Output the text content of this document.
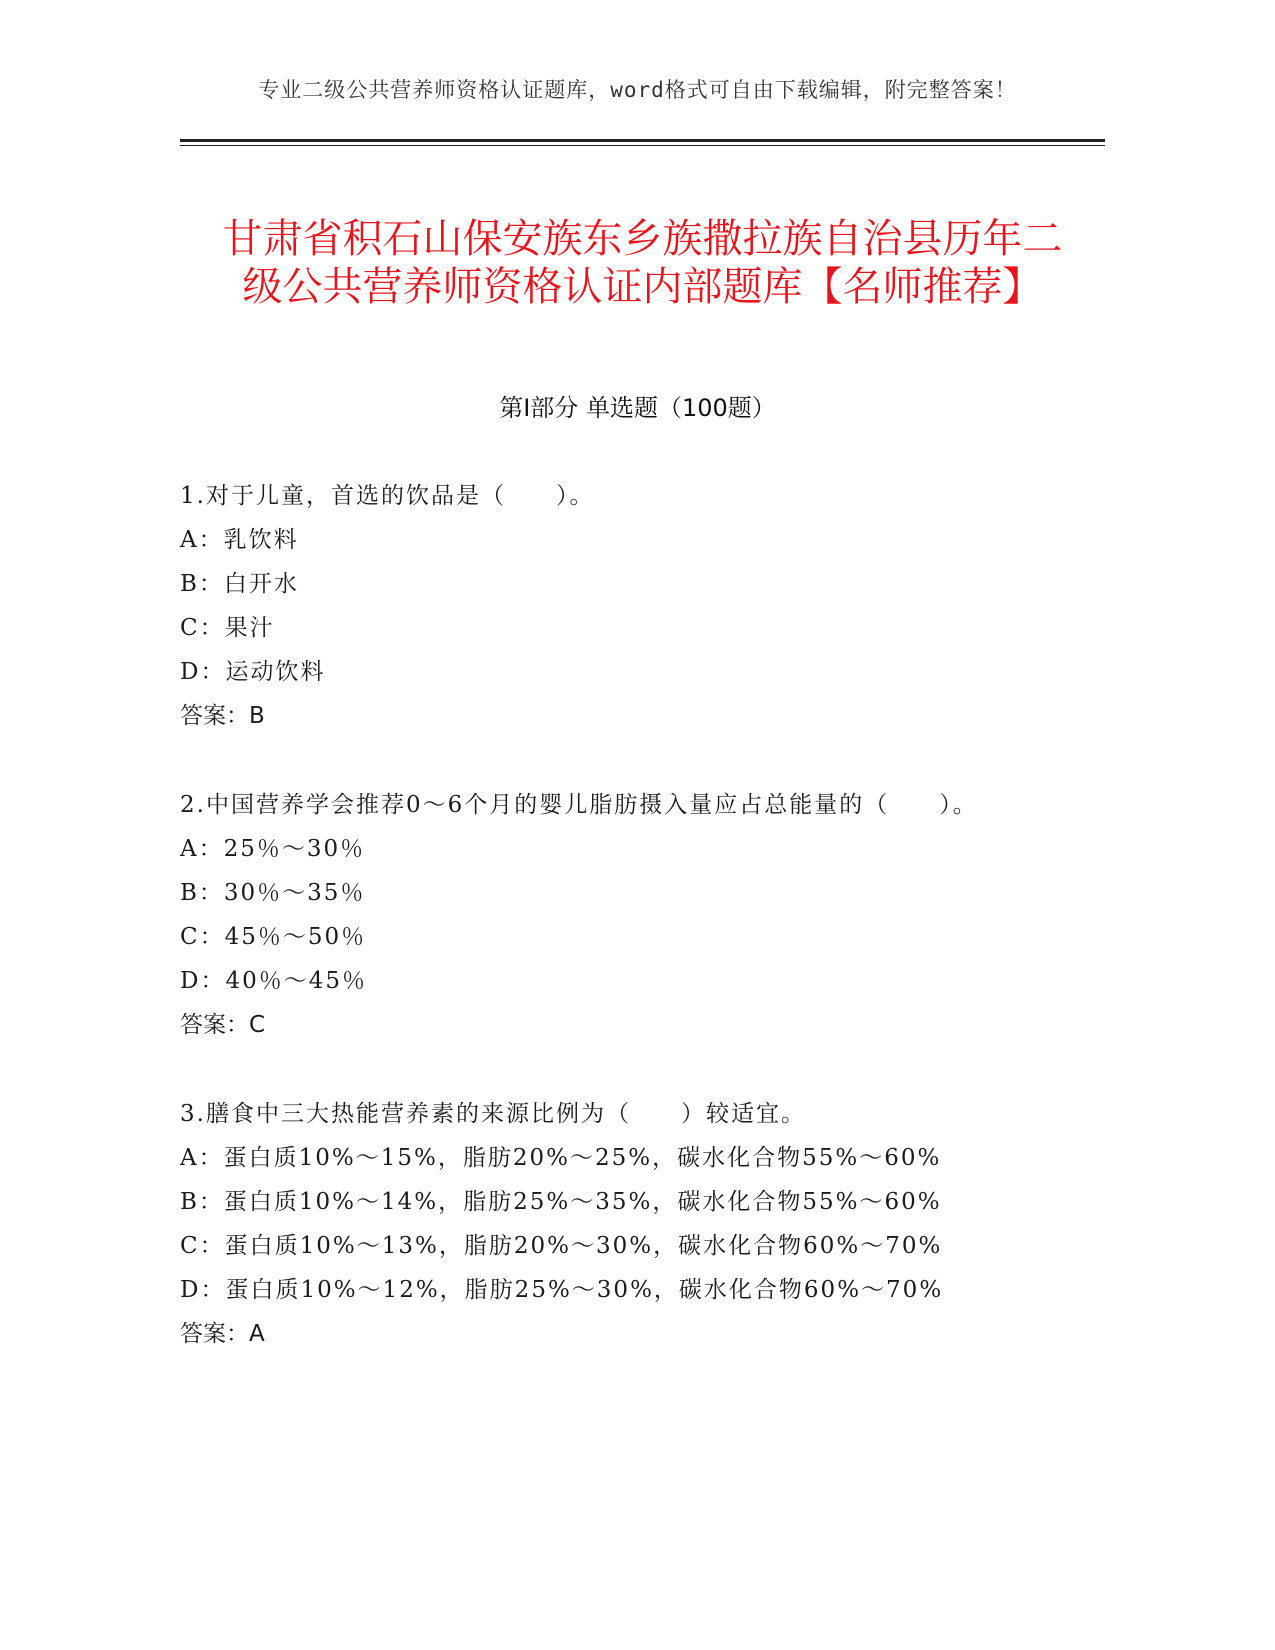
专业二级公共营养师资格认证题库，word格式可自由下载编辑，附完整答案！
甘肃省积石山保安族东乡族撒拉族自治县历年二级公共营养师资格认证内部题库【名师推荐】
第Ⅰ部分 单选题（100题）

1.对于儿童，首选的饮品是（　　）。

A：乳饮料

B：白开水

C：果汁

D：运动饮料

答案：B

2.中国营养学会推荐0～6个月的婴儿脂肪摄入量应占总能量的（　　）。

A：25％～30％

B：30％～35％

C：45％～50％

D：40％～45％

答案：C

3.膳食中三大热能营养素的来源比例为（　　）较适宜。

A：蛋白质10%～15%，脂肪20%～25%，碳水化合物55%～60%

B：蛋白质10%～14%，脂肪25%～35%，碳水化合物55%～60%

C：蛋白质10%～13%，脂肪20%～30%，碳水化合物60%～70%

D：蛋白质10%～12%，脂肪25%～30%，碳水化合物60%～70%

答案：A
